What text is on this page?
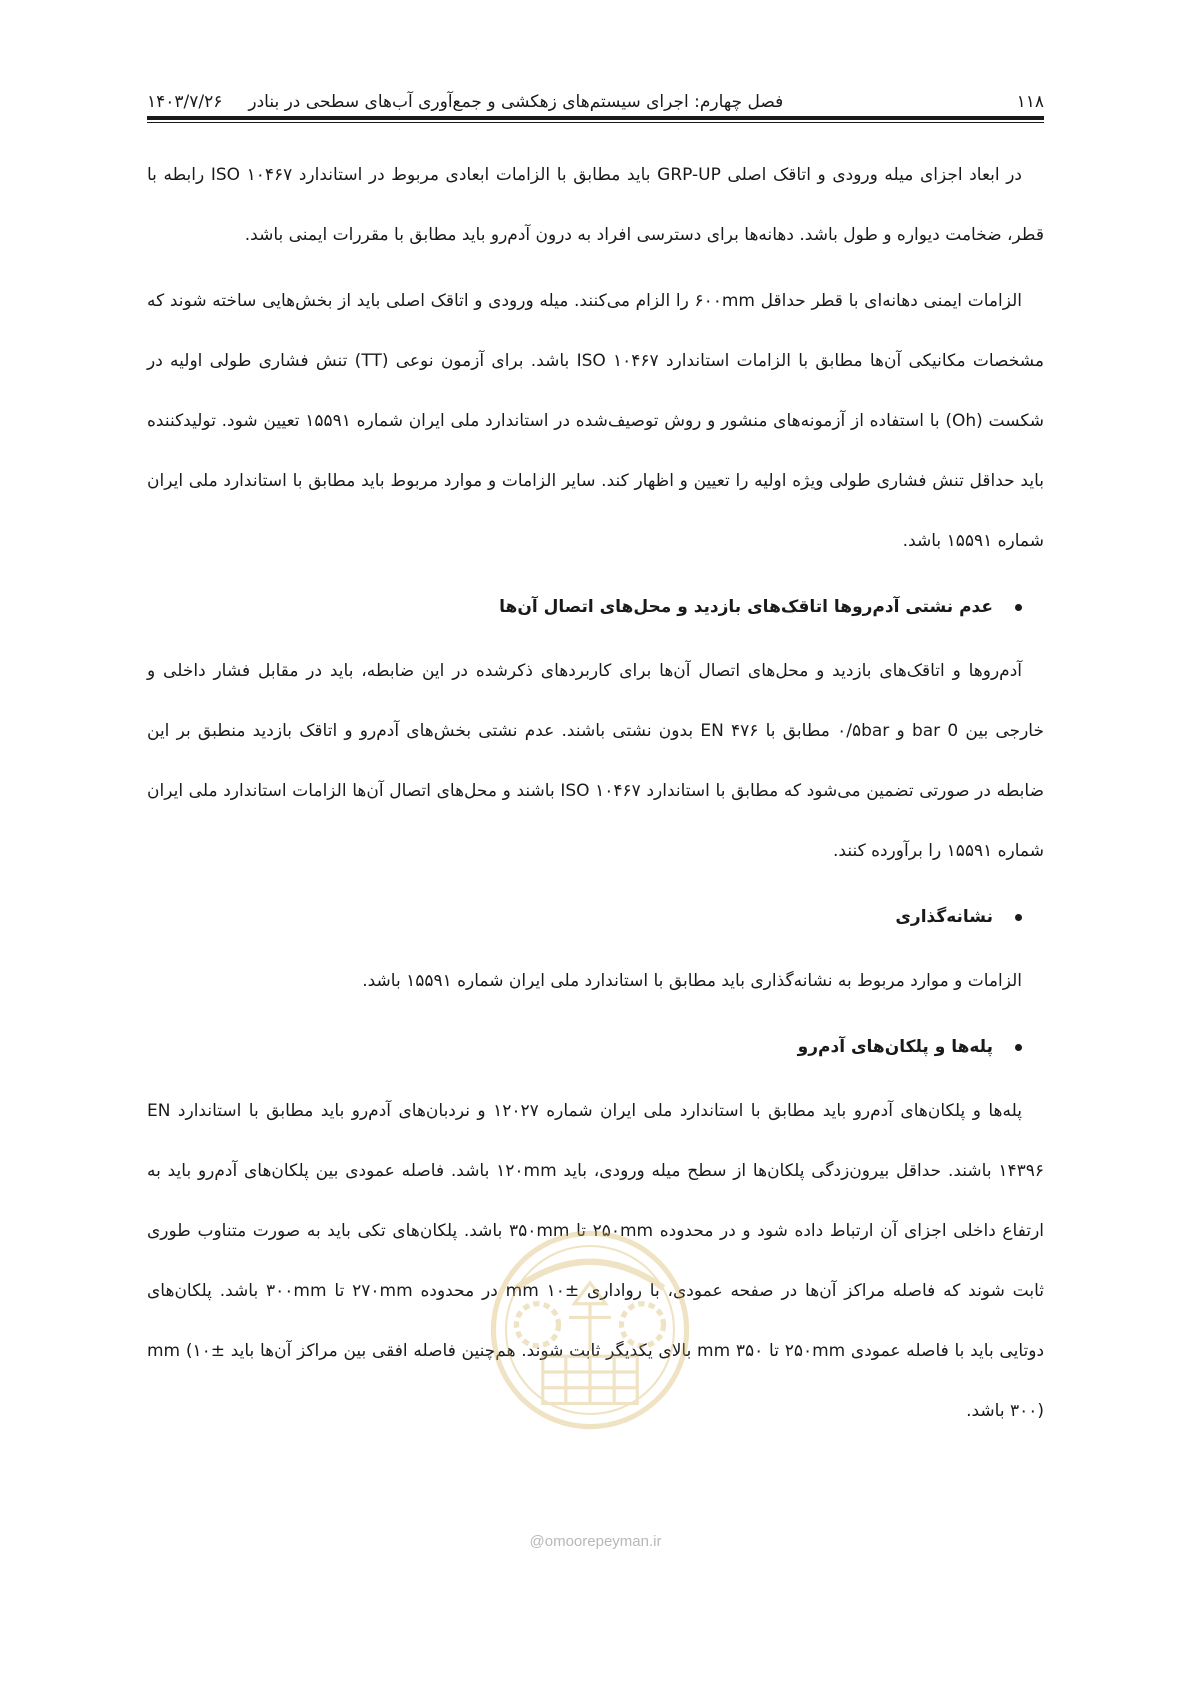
۱۱۸
فصل چهارم: اجرای سیستم‌های زهکشی و جمع‌آوری آب‌های سطحی در بنادر
۱۴۰۳/۷/۲۶

در ابعاد اجزای میله ورودی و اتاقک اصلی GRP-UP باید مطابق با الزامات ابعادی مربوط در استاندارد ۱۰۴۶۷ ISO رابطه با قطر، ضخامت دیواره و طول باشد. دهانه‌ها برای دسترسی افراد به درون آدم‌رو باید مطابق با مقررات ایمنی باشد.

الزامات ایمنی دهانه‌ای با قطر حداقل ۶۰۰mm را الزام می‌کنند. میله ورودی و اتاقک اصلی باید از بخش‌هایی ساخته شوند که مشخصات مکانیکی آن‌ها مطابق با الزامات استاندارد ISO ۱۰۴۶۷ باشد. برای آزمون نوعی (TT) تنش فشاری طولی اولیه در شکست (Oh) با استفاده از آزمونه‌های منشور و روش توصیف‌شده در استاندارد ملی ایران شماره ۱۵۵۹۱ تعیین شود. تولیدکننده باید حداقل تنش فشاری طولی ویژه اولیه را تعیین و اظهار کند. سایر الزامات و موارد مربوط باید مطابق با استاندارد ملی ایران شماره ۱۵۵۹۱ باشد.

عدم نشتی آدم‌روها اتاقک‌های بازدید و محل‌های اتصال آن‌ها

آدم‌روها و اتاقک‌های بازدید و محل‌های اتصال آن‌ها برای کاربردهای ذکرشده در این ضابطه، باید در مقابل فشار داخلی و خارجی بین 0 bar و ۰/۵bar مطابق با EN ۴۷۶ بدون نشتی باشند. عدم نشتی بخش‌های آدم‌رو و اتاقک بازدید منطبق بر این ضابطه در صورتی تضمین می‌شود که مطابق با استاندارد ISO ۱۰۴۶۷ باشند و محل‌های اتصال آن‌ها الزامات استاندارد ملی ایران شماره ۱۵۵۹۱ را برآورده کنند.

نشانه‌گذاری

الزامات و موارد مربوط به نشانه‌گذاری باید مطابق با استاندارد ملی ایران شماره ۱۵۵۹۱ باشد.

پله‌ها و پلکان‌های آدم‌رو

پله‌ها و پلکان‌های آدم‌رو باید مطابق با استاندارد ملی ایران شماره ۱۲۰۲۷ و نردبان‌های آدم‌رو باید مطابق با استاندارد EN ۱۴۳۹۶ باشند. حداقل بیرون‌زدگی پلکان‌ها از سطح میله ورودی، باید ۱۲۰mm باشد. فاصله عمودی بین پلکان‌های آدم‌رو باید به ارتفاع داخلی اجزای آن ارتباط داده شود و در محدوده ۲۵۰mm تا ۳۵۰mm باشد. پلکان‌های تکی باید به صورت متناوب طوری ثابت شوند که فاصله مراکز آن‌ها در صفحه عمودی، با رواداری ±۱۰ mm در محدوده ۲۷۰mm تا ۳۰۰mm باشد. پلکان‌های دوتایی باید با فاصله عمودی ۲۵۰mm تا ۳۵۰ mm بالای یکدیگر ثابت شوند. هم‌چنین فاصله افقی بین مراکز آن‌ها باید mm (۱۰± ۳۰۰) باشد.

@omoorepeyman.ir
